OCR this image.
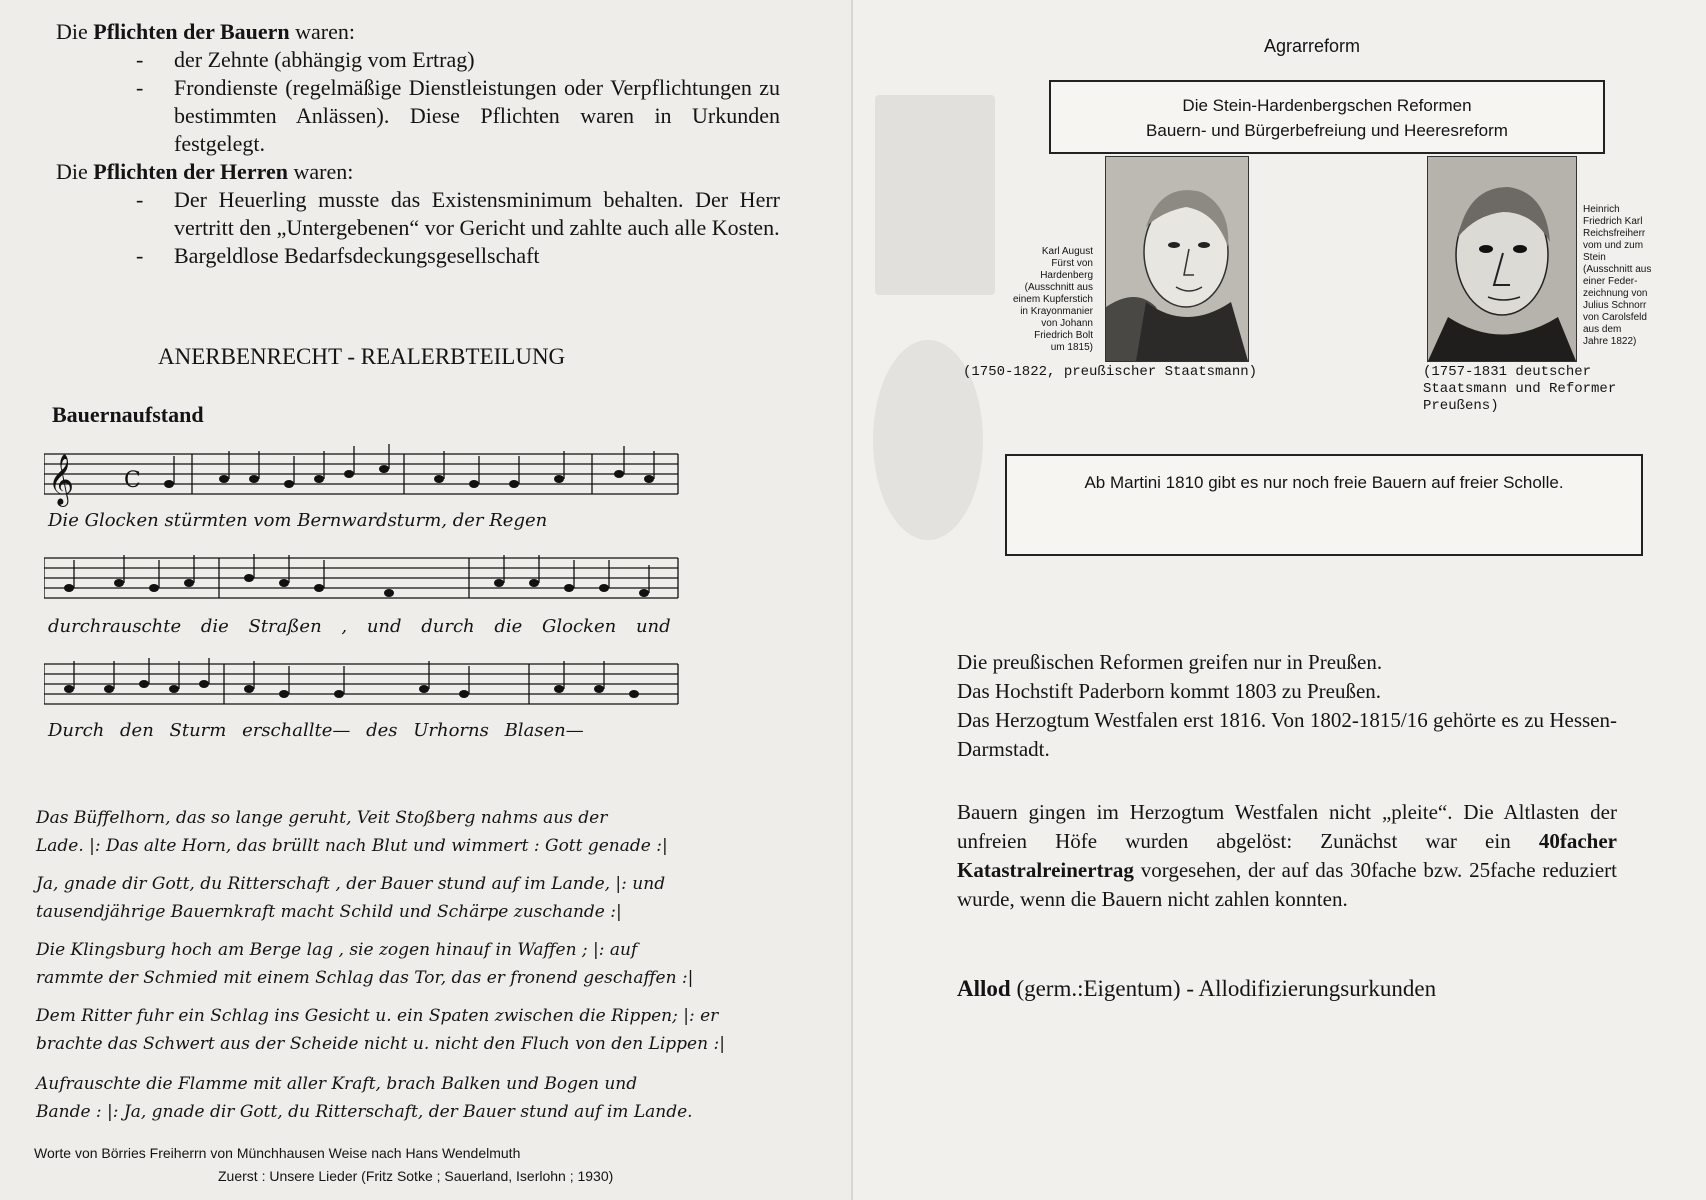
Die Pflichten der Bauern waren:
- der Zehnte (abhängig vom Ertrag)
- Frondienste (regelmäßige Dienstleistungen oder Verpflichtungen zu bestimmten Anlässen). Diese Pflichten waren in Urkunden festgelegt.
Die Pflichten der Herren waren:
- Der Heuerling musste das Existensminimum behalten. Der Herr vertritt den „Untergebenen“ vor Gericht und zahlte auch alle Kosten.
- Bargeldlose Bedarfsdeckungsgesellschaft
ANERBENRECHT - REALERBTEILUNG
Bauernaufstand
𝄞 C
Die Glocken stürmten vom Bernwardsturm, der Regen
durchrauschte die Straßen , und durch die Glocken und
Durch den Sturm erschallte— des Urhorns Blasen—
Das Büffelhorn, das so lange geruht, Veit Stoßberg nahms aus der
Lade. |: Das alte Horn, das brüllt nach Blut und wimmert : Gott genade :|
Ja, gnade dir Gott, du Ritterschaft , der Bauer stund auf im Lande, |: und
tausendjährige Bauernkraft macht Schild und Schärpe zuschande :|
Die Klingsburg hoch am Berge lag , sie zogen hinauf in Waffen ; |: auf
rammte der Schmied mit einem Schlag das Tor, das er fronend geschaffen :|
Dem Ritter fuhr ein Schlag ins Gesicht u. ein Spaten zwischen die Rippen; |: er
brachte das Schwert aus der Scheide nicht u. nicht den Fluch von den Lippen :|
Aufrauschte die Flamme mit aller Kraft, brach Balken und Bogen und
Bande : |: Ja, gnade dir Gott, du Ritterschaft, der Bauer stund auf im Lande.
Worte von Börries Freiherrn von Münchhausen Weise nach Hans Wendelmuth
Zuerst : Unsere Lieder (Fritz Sotke ; Sauerland, Iserlohn ; 1930)
Agrarreform
Die Stein-Hardenbergschen Reformen
Bauern- und Bürgerbefreiung und Heeresreform
Karl August
Fürst von
Hardenberg
(Ausschnitt aus
einem Kupferstich
in Krayonmanier
von Johann
Friedrich Bolt
um 1815)
(1750-1822, preußischer Staatsmann)
Heinrich
Friedrich Karl
Reichsfreiherr
vom und zum
Stein
(Ausschnitt aus
einer Feder-
zeichnung von
Julius Schnorr
von Carolsfeld
aus dem
Jahre 1822)
(1757-1831 deutscher
Staatsmann und Reformer
Preußens)
Ab Martini 1810 gibt es nur noch freie Bauern auf freier Scholle.
Die preußischen Reformen greifen nur in Preußen.
Das Hochstift Paderborn kommt 1803 zu Preußen.
Das Herzogtum Westfalen erst 1816. Von 1802-1815/16 gehörte es zu Hessen-Darmstadt.
Bauern gingen im Herzogtum Westfalen nicht „pleite“. Die Altlasten der unfreien Höfe wurden abgelöst: Zunächst war ein 40facher Katastralreinertrag vorgesehen, der auf das 30fache bzw. 25fache reduziert wurde, wenn die Bauern nicht zahlen konnten.
Allod (germ.:Eigentum) - Allodifizierungsurkunden
